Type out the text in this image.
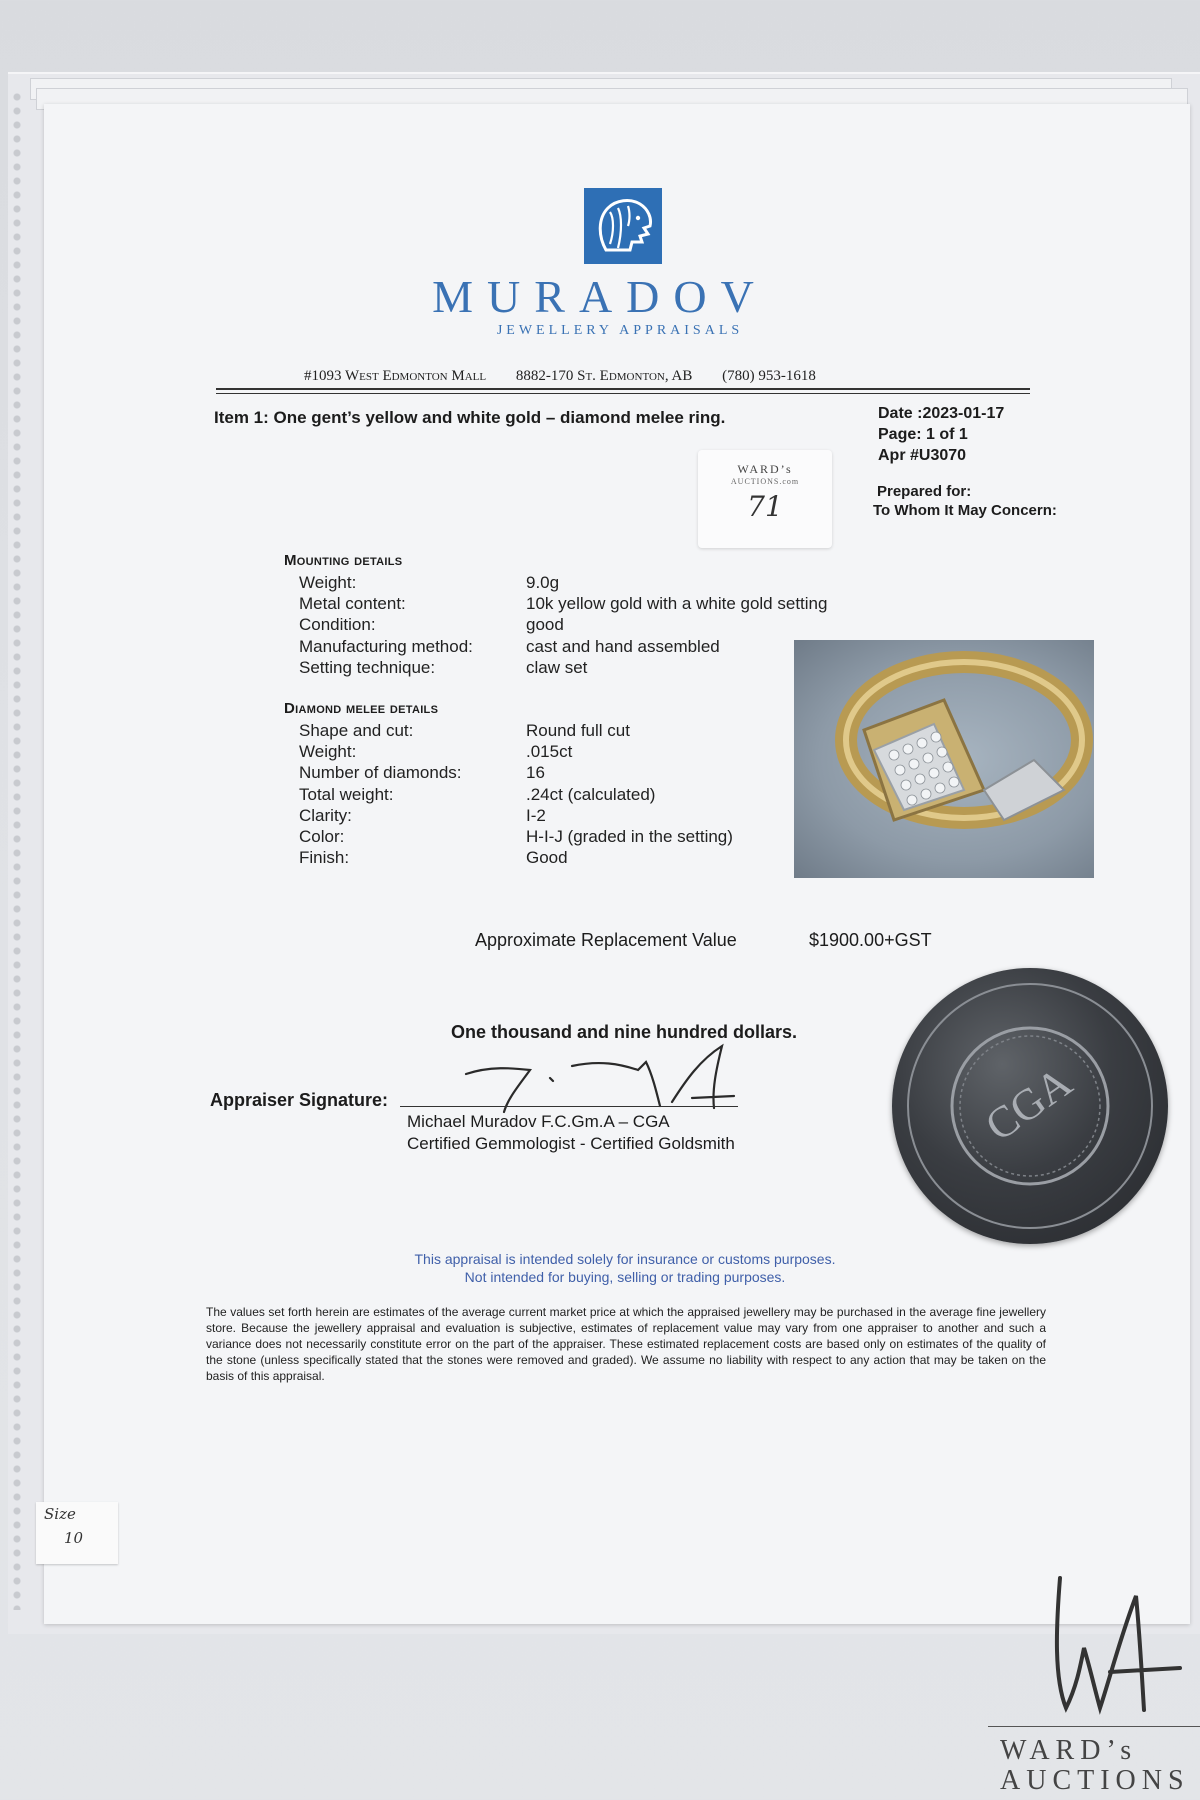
MURADOV
JEWELLERY APPRAISALS
#1093 West Edmonton Mall 8882-170 St. Edmonton, AB (780) 953-1618
Item 1: One gent’s yellow and white gold – diamond melee ring.	Date :2023-01-17
Page: 1 of 1
Apr #U3070
Prepared for:
To Whom It May Concern:
WARD’s
AUCTIONS.com
71
Mounting details
Weight:	9.0g
Metal content:	10k yellow gold with a white gold setting
Condition:	good
Manufacturing method:	cast and hand assembled
Setting technique:	claw set
Diamond melee details
Shape and cut:	Round full cut
Weight:	.015ct
Number of diamonds:	16
Total weight:	.24ct (calculated)
Clarity:	I-2
Color:	H-I-J (graded in the setting)
Finish:	Good
Approximate Replacement Value	$1900.00+GST
One thousand and nine hundred dollars.
Appraiser Signature:
Michael Muradov F.C.Gm.A – CGA
Certified Gemmologist - Certified Goldsmith	CGA
This appraisal is intended solely for insurance or customs purposes.
Not intended for buying, selling or trading purposes.
The values set forth herein are estimates of the average current market price at which the appraised jewellery may be purchased in the average fine jewellery store. Because the jewellery appraisal and evaluation is subjective, estimates of replacement value may vary from one appraiser to another and such a variance does not necessarily constitute error on the part of the appraiser. These estimated replacement costs are based only on estimates of the quality of the stone (unless specifically stated that the stones were removed and graded). We assume no liability with respect to any action that may be taken on the basis of this appraisal.
Size
10
WARD’s
AUCTIONS
